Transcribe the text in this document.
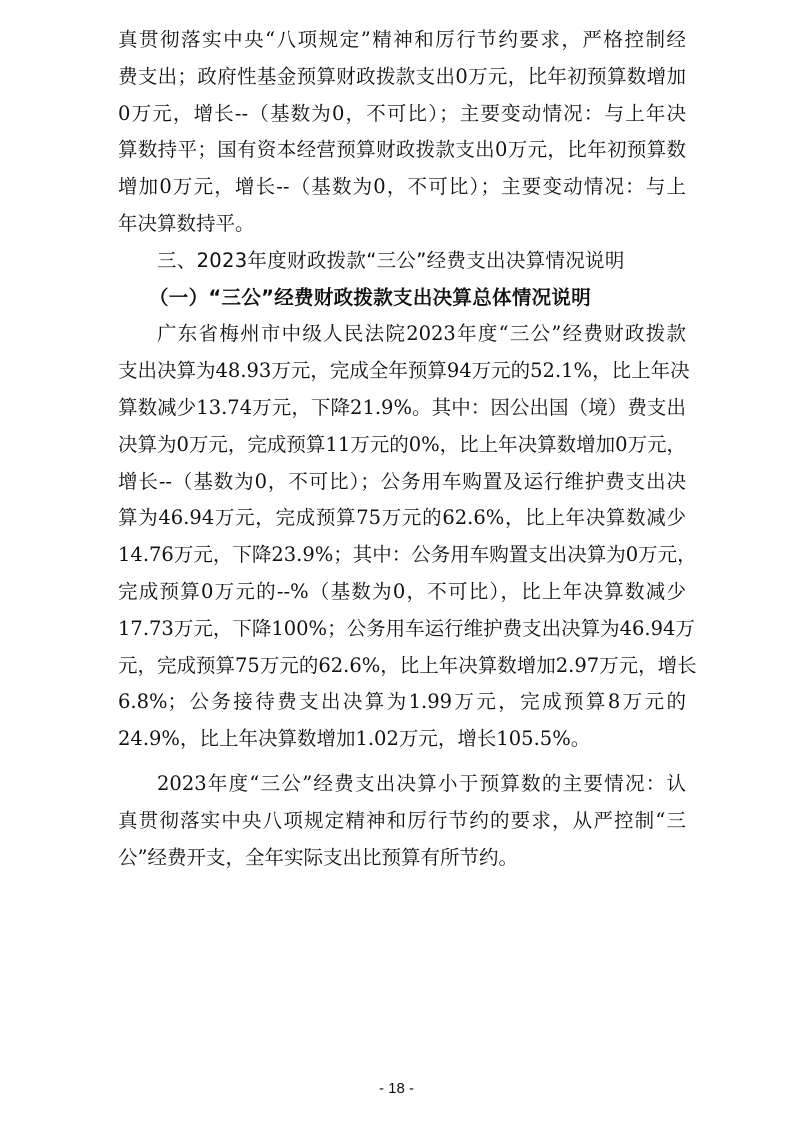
真贯彻落实中央“八项规定”精神和厉行节约要求，严格控制经
费支出；政府性基金预算财政拨款支出0万元，比年初预算数增加
0万元，增长--（基数为0，不可比）；主要变动情况：与上年决
算数持平；国有资本经营预算财政拨款支出0万元，比年初预算数
增加0万元，增长--（基数为0，不可比）；主要变动情况：与上
年决算数持平。
三、2023年度财政拨款“三公”经费支出决算情况说明
（一）“三公”经费财政拨款支出决算总体情况说明
广东省梅州市中级人民法院2023年度“三公”经费财政拨款
支出决算为48.93万元，完成全年预算94万元的52.1%，比上年决
算数减少13.74万元，下降21.9%。其中：因公出国（境）费支出
决算为0万元，完成预算11万元的0%，比上年决算数增加0万元，
增长--（基数为0，不可比）；公务用车购置及运行维护费支出决
算为46.94万元，完成预算75万元的62.6%，比上年决算数减少
14.76万元，下降23.9%；其中：公务用车购置支出决算为0万元，
完成预算0万元的--%（基数为0，不可比），比上年决算数减少
17.73万元，下降100%；公务用车运行维护费支出决算为46.94万
元，完成预算75万元的62.6%，比上年决算数增加2.97万元，增长
6.8%；公务接待费支出决算为1.99万元，完成预算8万元的
24.9%，比上年决算数增加1.02万元，增长105.5%。
2023年度“三公”经费支出决算小于预算数的主要情况：认
真贯彻落实中央八项规定精神和厉行节约的要求，从严控制“三
公”经费开支，全年实际支出比预算有所节约。
- 18 -
